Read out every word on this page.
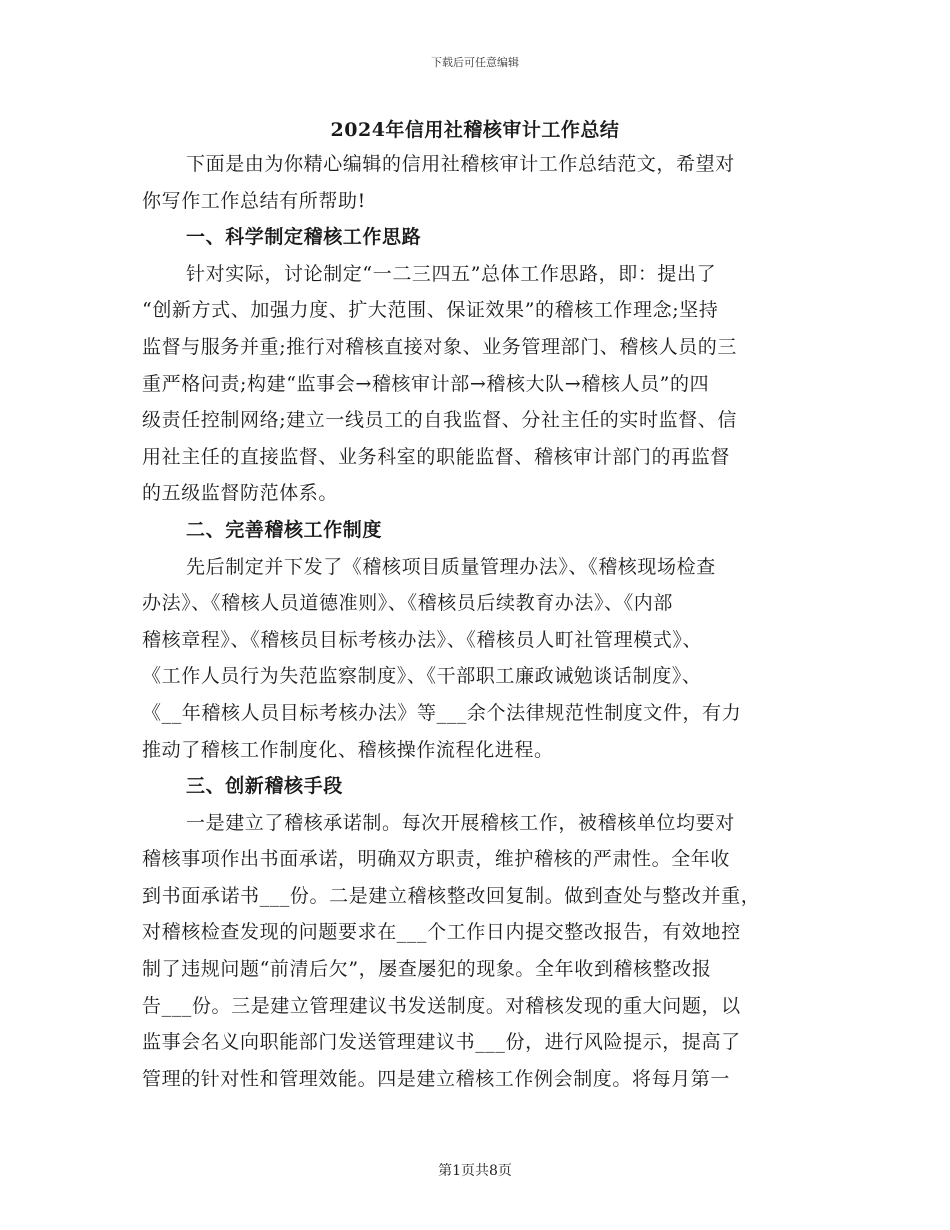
下载后可任意编辑
2024年信用社稽核审计工作总结
下面是由为你精心编辑的信用社稽核审计工作总结范文，希望对
你写作工作总结有所帮助!
一、科学制定稽核工作思路
针对实际，讨论制定“一二三四五”总体工作思路，即：提出了
“创新方式、加强力度、扩大范围、保证效果”的稽核工作理念;坚持
监督与服务并重;推行对稽核直接对象、业务管理部门、稽核人员的三
重严格问责;构建“监事会→稽核审计部→稽核大队→稽核人员”的四
级责任控制网络;建立一线员工的自我监督、分社主任的实时监督、信
用社主任的直接监督、业务科室的职能监督、稽核审计部门的再监督
的五级监督防范体系。
二、完善稽核工作制度
先后制定并下发了《稽核项目质量管理办法》、《稽核现场检查
办法》、《稽核人员道德准则》、《稽核员后续教育办法》、《内部
稽核章程》、《稽核员目标考核办法》、《稽核员人町社管理模式》、
《工作人员行为失范监察制度》、《干部职工廉政诫勉谈话制度》、
《__年稽核人员目标考核办法》等___余个法律规范性制度文件，有力
推动了稽核工作制度化、稽核操作流程化进程。
三、创新稽核手段
一是建立了稽核承诺制。每次开展稽核工作，被稽核单位均要对
稽核事项作出书面承诺，明确双方职责，维护稽核的严肃性。全年收
到书面承诺书___份。二是建立稽核整改回复制。做到查处与整改并重，
对稽核检查发现的问题要求在___个工作日内提交整改报告，有效地控
制了违规问题“前清后欠”，屡查屡犯的现象。全年收到稽核整改报
告___份。三是建立管理建议书发送制度。对稽核发现的重大问题，以
监事会名义向职能部门发送管理建议书___份，进行风险提示，提高了
管理的针对性和管理效能。四是建立稽核工作例会制度。将每月第一
第1页共8页
